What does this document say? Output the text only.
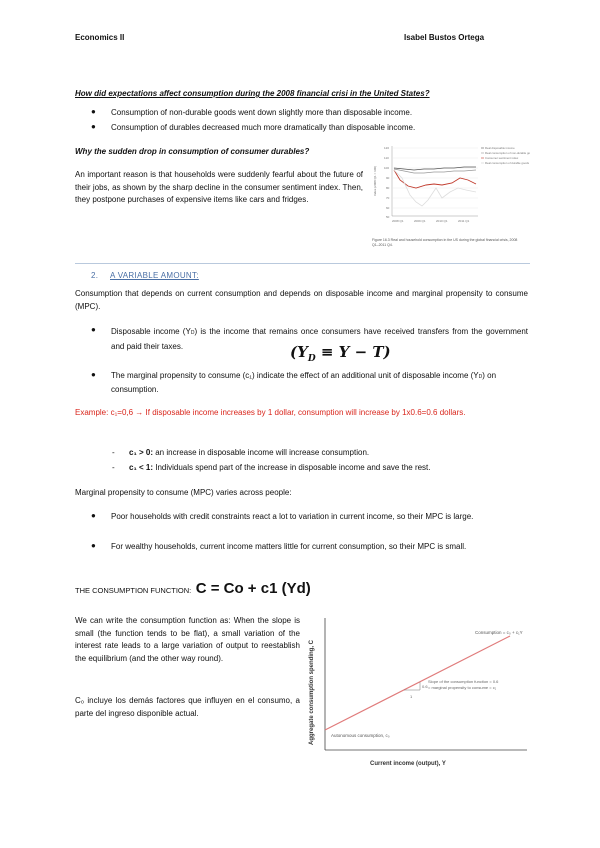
Economics II	Isabel Bustos Ortega
How did expectations affect consumption during the 2008 financial crisi in the United States?
● Consumption of non-durable goods went down slightly more than disposable income.
● Consumption of durables decreased much more dramatically than disposable income.
Why the sudden drop in consumption of consumer durables?
An important reason is that households were suddenly fearful about the future of their jobs, as shown by the sharp decline in the consumer sentiment index. Then, they postpone purchases of expensive items like cars and fridges.
Index (2008 Q1 = 100)
120
110
100
90
80
70
60
50
2008 Q1	2009 Q1	2010 Q1	2011 Q1
Real disposable income
Real consumption of non-durable goods
Consumer sentiment index
Real consumption of durable goods
Figure 16.3 Real and household consumption in the US during the global financial crisis, 2008 Q1–2011 Q4.
2. A VARIABLE AMOUNT:
Consumption that depends on current consumption and depends on disposable income and marginal propensity to consume (MPC).
● Disposable income (YD) is the income that remains once consumers have received transfers from the government and paid their taxes.	$(Y_D \equiv Y - T)$
● The marginal propensity to consume (c₁) indicate the effect of an additional unit of disposable income (YD) on consumption.
Example: c₁=0,6 → If disposable income increases by 1 dollar, consumption will increase by 1x0.6=0.6 dollars.
- c₁ > 0: an increase in disposable income will increase consumption.
- c₁ < 1: Individuals spend part of the increase in disposable income and save the rest.
Marginal propensity to consume (MPC) varies across people:
● Poor households with credit constraints react a lot to variation in current income, so their MPC is large.
● For wealthy households, current income matters little for current consumption, so their MPC is small.
THE CONSUMPTION FUNCTION: C = Co + c1 (Yd)
We can write the consumption function as: When the slope is small (the function tends to be flat), a small variation of the interest rate leads to a large variation of output to reestablish the equilibrium (and the other way round).
C₀ incluye los demás factores que influyen en el consumo, a parte del ingreso disponible actual.	Aggregate consumption spending, C
Current income (output), Y
Consumption = c₀ + c₁Y
Slope of the consumption function = 0.6
= marginal propensity to consume = c₁
0.6
1
Autonomous consumption, c₀
